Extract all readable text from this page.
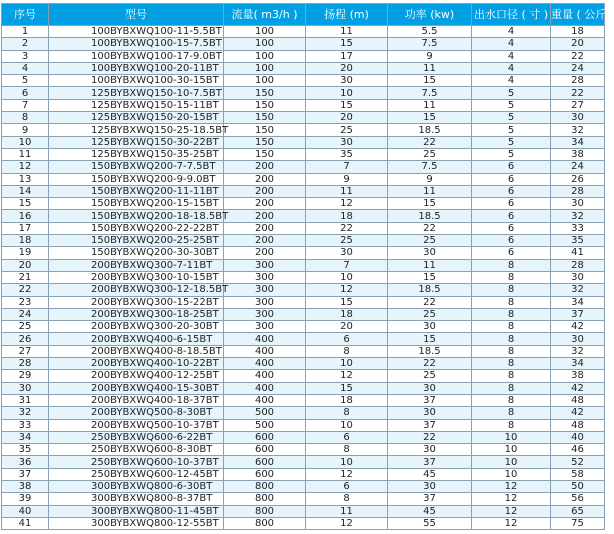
序号	型号	流量( m3/h )	扬程 (m)	功率 (kw)	出水口径 ( 寸 )	重量 ( 公斤 )
1	100BYBXWQ100-11-5.5BT	100	11	5.5	4	18
2	100BYBXWQ100-15-7.5BT	100	15	7.5	4	20
3	100BYBXWQ100-17-9.0BT	100	17	9	4	22
4	100BYBXWQ100-20-11BT	100	20	11	4	24
5	100BYBXWQ100-30-15BT	100	30	15	4	28
6	125BYBXWQ150-10-7.5BT	150	10	7.5	5	22
7	125BYBXWQ150-15-11BT	150	15	11	5	27
8	125BYBXWQ150-20-15BT	150	20	15	5	30
9	125BYBXWQ150-25-18.5BT	150	25	18.5	5	32
10	125BYBXWQ150-30-22BT	150	30	22	5	34
11	125BYBXWQ150-35-25BT	150	35	25	5	38
12	150BYBXWQ200-7-7.5BT	200	7	7.5	6	24
13	150BYBXWQ200-9-9.0BT	200	9	9	6	26
14	150BYBXWQ200-11-11BT	200	11	11	6	28
15	150BYBXWQ200-15-15BT	200	12	15	6	30
16	150BYBXWQ200-18-18.5BT	200	18	18.5	6	32
17	150BYBXWQ200-22-22BT	200	22	22	6	33
18	150BYBXWQ200-25-25BT	200	25	25	6	35
19	150BYBXWQ200-30-30BT	200	30	30	6	41
20	200BYBXWQ300-7-11BT	300	7	11	8	28
21	200BYBXWQ300-10-15BT	300	10	15	8	30
22	200BYBXWQ300-12-18.5BT	300	12	18.5	8	32
23	200BYBXWQ300-15-22BT	300	15	22	8	34
24	200BYBXWQ300-18-25BT	300	18	25	8	37
25	200BYBXWQ300-20-30BT	300	20	30	8	42
26	200BYBXWQ400-6-15BT	400	6	15	8	30
27	200BYBXWQ400-8-18.5BT	400	8	18.5	8	32
28	200BYBXWQ400-10-22BT	400	10	22	8	34
29	200BYBXWQ400-12-25BT	400	12	25	8	38
30	200BYBXWQ400-15-30BT	400	15	30	8	42
31	200BYBXWQ400-18-37BT	400	18	37	8	48
32	200BYBXWQ500-8-30BT	500	8	30	8	42
33	200BYBXWQ500-10-37BT	500	10	37	8	48
34	250BYBXWQ600-6-22BT	600	6	22	10	40
35	250BYBXWQ600-8-30BT	600	8	30	10	46
36	250BYBXWQ600-10-37BT	600	10	37	10	52
37	250BYBXWQ600-12-45BT	600	12	45	10	58
38	300BYBXWQ800-6-30BT	800	6	30	12	50
39	300BYBXWQ800-8-37BT	800	8	37	12	56
40	300BYBXWQ800-11-45BT	800	11	45	12	65
41	300BYBXWQ800-12-55BT	800	12	55	12	75
